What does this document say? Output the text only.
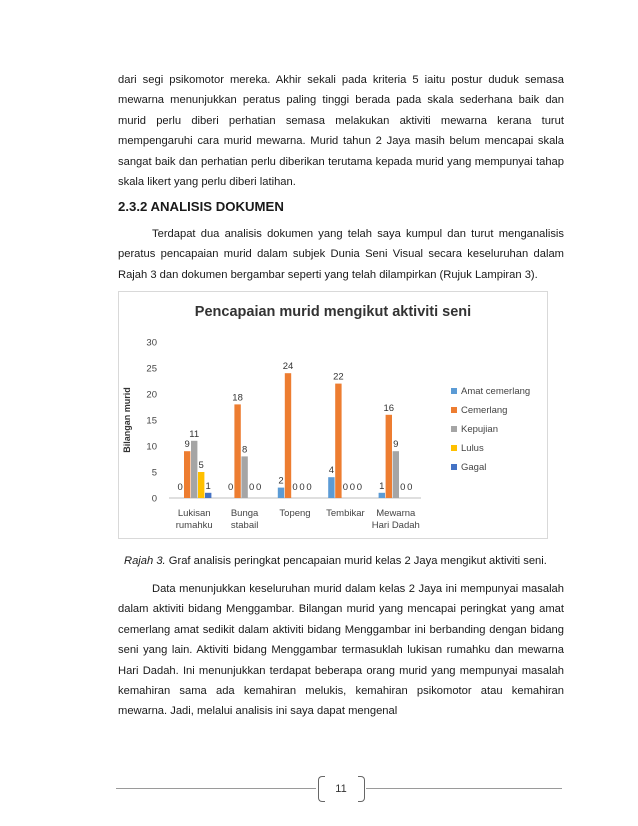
dari segi psikomotor mereka. Akhir sekali pada kriteria 5 iaitu postur duduk semasa mewarna menunjukkan peratus paling tinggi berada pada skala sederhana baik dan murid perlu diberi perhatian semasa melakukan aktiviti mewarna kerana turut mempengaruhi cara murid mewarna. Murid tahun 2 Jaya masih belum mencapai skala sangat baik dan perhatian perlu diberikan terutama kepada murid yang mempunyai tahap skala likert yang perlu diberi latihan.

2.3.2 ANALISIS DOKUMEN

Terdapat dua analisis dokumen yang telah saya kumpul dan turut menganalisis peratus pencapaian murid dalam subjek Dunia Seni Visual secara keseluruhan dalam Rajah 3 dan dokumen bergambar seperti yang telah dilampirkan (Rujuk Lampiran 3).

Pencapaian murid mengikut aktiviti seni
Bilangan murid
0
5
10
15
20
25
30
0
9
11
5
1
Lukisan
rumahku
0
18
8
0 0
Bunga
stabail
2
24
0 0 0
Topeng
4
22
0 0 0
Tembikar
1
16
9
0 0
Mewarna
Hari Dadah
Amat cemerlang
Cemerlang
Kepujian
Lulus
Gagal

Rajah 3. Graf analisis peringkat pencapaian murid kelas 2 Jaya mengikut aktiviti seni.

Data menunjukkan keseluruhan murid dalam kelas 2 Jaya ini mempunyai masalah dalam aktiviti bidang Menggambar. Bilangan murid yang mencapai peringkat yang amat cemerlang amat sedikit dalam aktiviti bidang Menggambar ini berbanding dengan bidang seni yang lain. Aktiviti bidang Menggambar termasuklah lukisan rumahku dan mewarna Hari Dadah. Ini menunjukkan terdapat beberapa orang murid yang mempunyai masalah kemahiran sama ada kemahiran melukis, kemahiran psikomotor atau kemahiran mewarna. Jadi, melalui analisis ini saya dapat mengenal

11
